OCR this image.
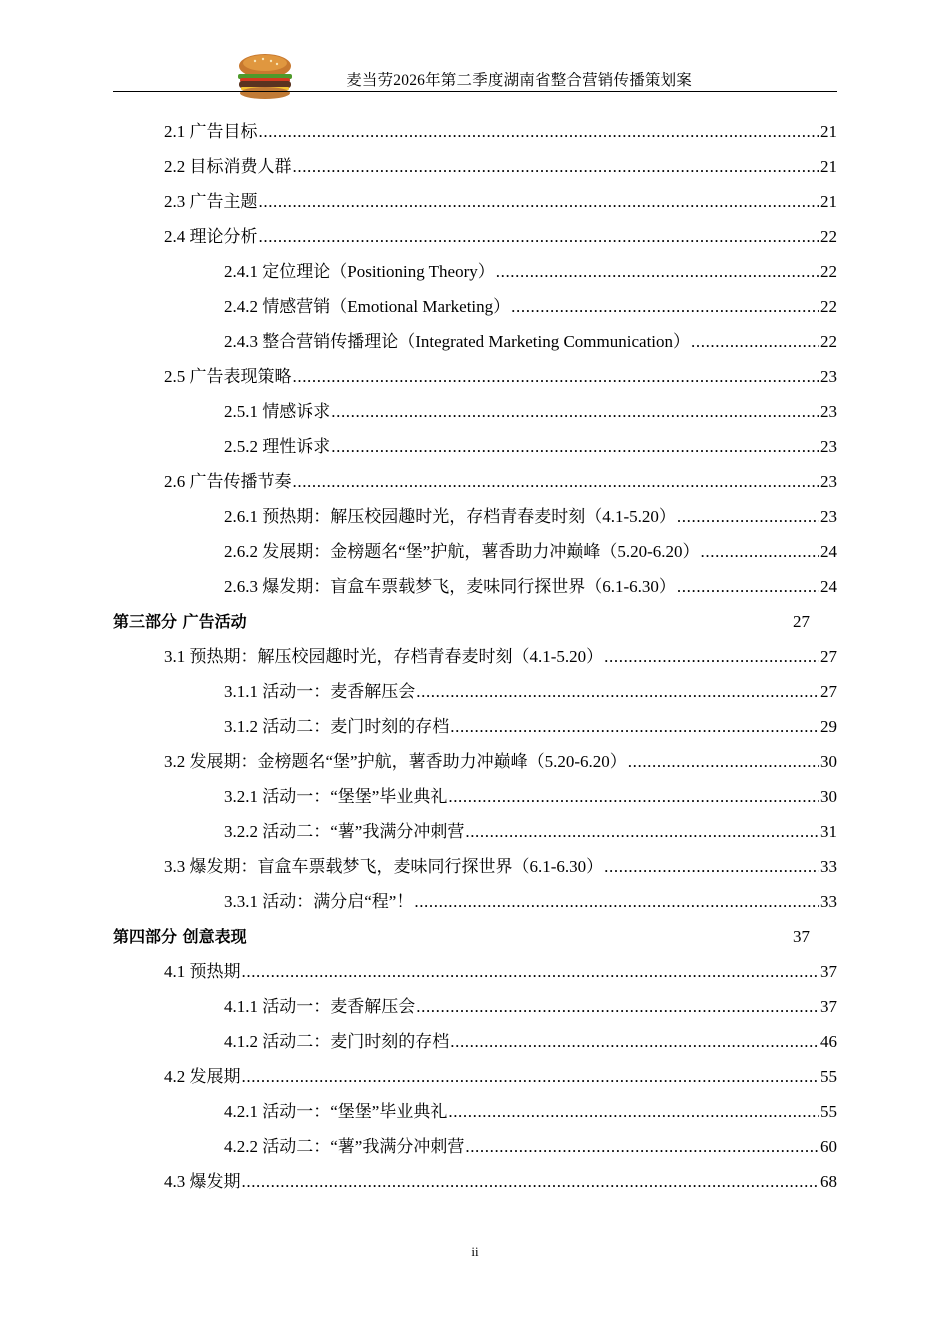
麦当劳2026年第二季度湖南省整合营销传播策划案
2.1 广告目标 .....	21
2.2 目标消费人群 .....	21
2.3 广告主题 .....	21
2.4 理论分析 .....	22
2.4.1 定位理论（Positioning Theory） .....	22
2.4.2 情感营销（Emotional Marketing） .....	22
2.4.3 整合营销传播理论（Integrated Marketing Communication） .....	22
2.5 广告表现策略 .....	23
2.5.1 情感诉求 .....	23
2.5.2 理性诉求 .....	23
2.6 广告传播节奏 .....	23
2.6.1 预热期：解压校园趣时光，存档青春麦时刻（4.1-5.20） .....	23
2.6.2 发展期：金榜题名“堡”护航，薯香助力冲巅峰（5.20-6.20） .....	24
2.6.3 爆发期：盲盒车票载梦飞，麦味同行探世界（6.1-6.30） .....	24
第三部分 广告活动	27
3.1 预热期：解压校园趣时光，存档青春麦时刻（4.1-5.20） .....	27
3.1.1 活动一：麦香解压会 .....	27
3.1.2 活动二：麦门时刻的存档 .....	29
3.2 发展期：金榜题名“堡”护航，薯香助力冲巅峰（5.20-6.20） .....	30
3.2.1 活动一：“堡堡”毕业典礼 .....	30
3.2.2 活动二：“薯”我满分冲刺营 .....	31
3.3 爆发期：盲盒车票载梦飞，麦味同行探世界（6.1-6.30） .....	33
3.3.1 活动：满分启“程”！ .....	33
第四部分 创意表现	37
4.1 预热期 .....	37
4.1.1 活动一：麦香解压会 .....	37
4.1.2 活动二：麦门时刻的存档 .....	46
4.2 发展期 .....	55
4.2.1 活动一：“堡堡”毕业典礼 .....	55
4.2.2 活动二：“薯”我满分冲刺营 .....	60
4.3 爆发期 .....	68
ii
